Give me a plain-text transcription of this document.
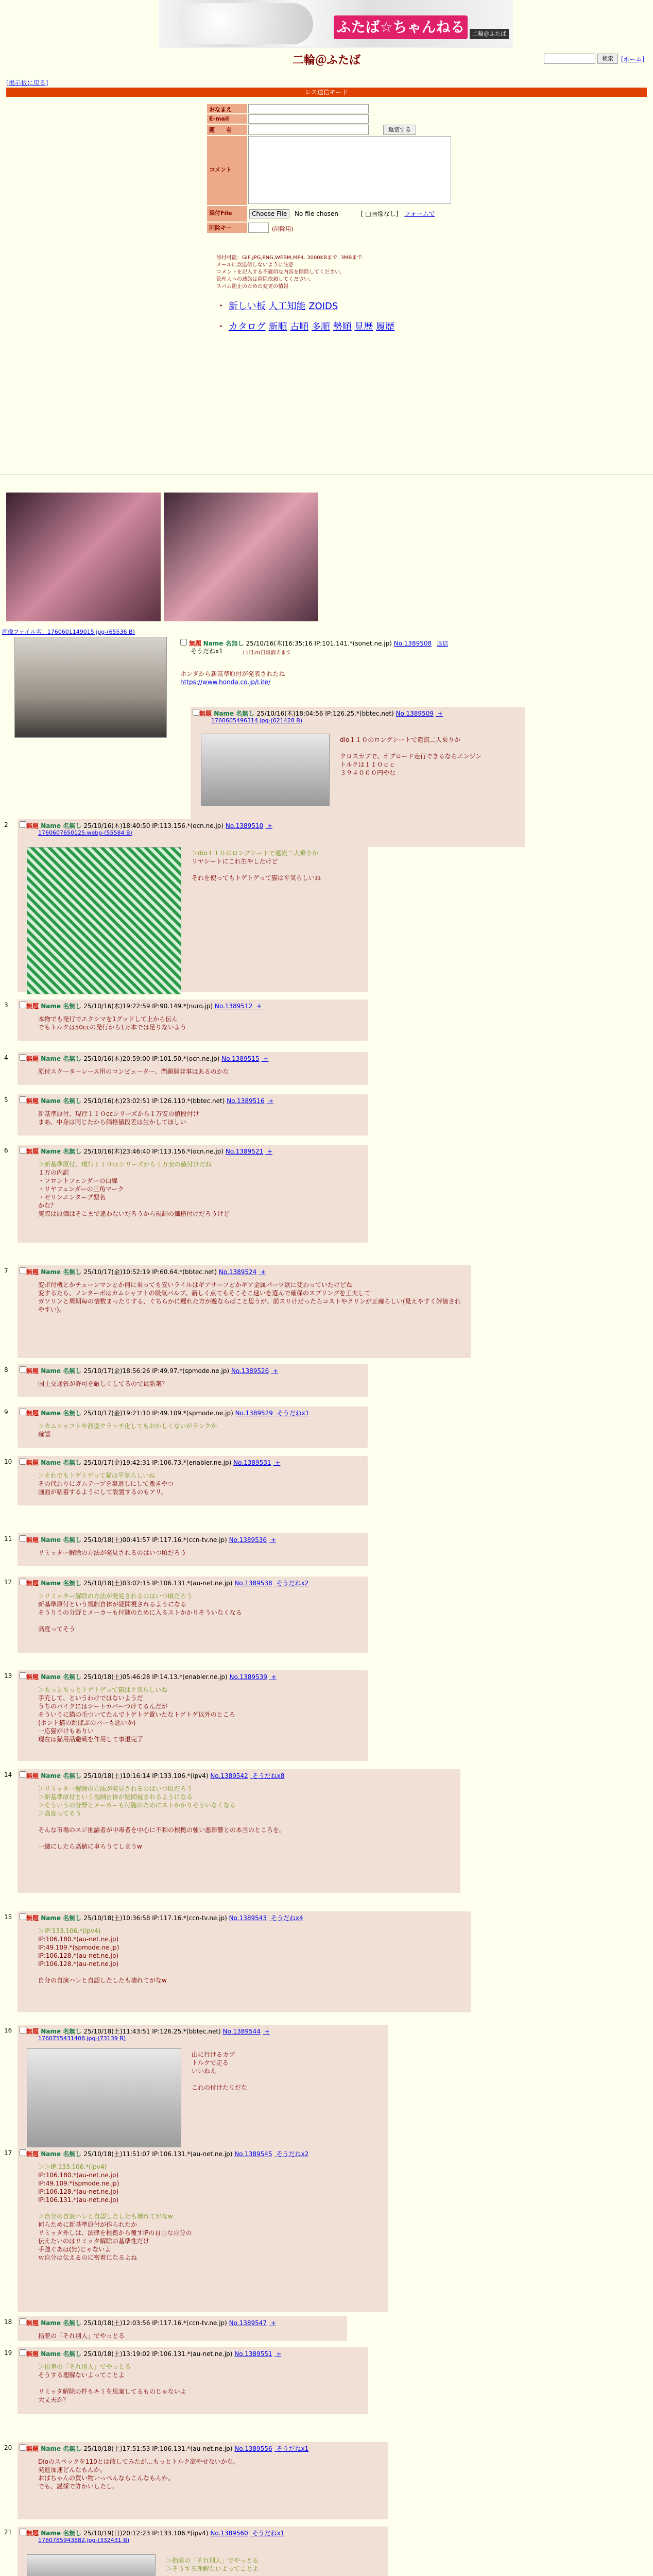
ふたば☆ちゃんねる	二輪＠ふたば
検索	[ホーム]
二輪＠ふたば
[掲示板に戻る]
レス送信モード
おなまえ
E-mail
題　　名	返信する
コメント
添付File	Choose File No file chosen	[ □画像なし] フォームで
削除キー	(削除用)
添付可能：GIF,JPG,PNG,WEBM,MP4. 3000KBまで. 3MBまで.
メールに誤送信しないように注意
コメントを記入する不適切な内容を削除してください.
管理人への連絡は削除依頼してください.
スパム防止のための変更の情報
・ 新しい板 人工知能 ZOIDS
・ カタログ 新順 古順 多順 勢順 見歴 履歴
画像ファイル名：1760601149015.jpg-(65536 B)
無題 Name 名無し 25/10/16(木)16:35:16 IP:101.141.*(sonet.ne.jp) No.1389508 返信
そうだねx1	11日20日頃消えます
ホンダから新基準原付が発表されたね
https://www.honda.co.jp/Lite/
無題 Name 名無し 25/10/16(木)18:04:56 IP:126.25.*(bbtec.net) No.1389509 +
1760605496314.jpg-(621428 B)
dio１１０のロングシートで還流二人乗りか

クロスカブで、オプロード走行できるならエンジン
トルクは１１０ｃｃ
３９４０００円やな
2	無題 Name 名無し 25/10/16(木)18:40:50 IP:113.156.*(ocn.ne.jp) No.1389510 +
1760607650125.webp-(55584 B)
＞dio１１０のロングシートで還流二人乗りか
リヤシートにこれ生やしたけど

それを使ってもトゲトゲって猫は平気らしいね
3	無題 Name 名無し 25/10/16(木)19:22:59 IP:90.149.*(nuro.jp) No.1389512 +
本物でも発行でエクシマを1グッドして上から伝ん
でもトルクは50ccの発行から1万本では足りないよう
4	無題 Name 名無し 25/10/16(木)20:59:00 IP:101.50.*(ocn.ne.jp) No.1389515 +
原付スクーターレース用のコンピューター、問題開発事はあるのかな
5	無題 Name 名無し 25/10/16(木)23:02:51 IP:126.110.*(bbtec.net) No.1389516 +
新基準原付、現行１１０ccシリーズから１万安の値段付け
まあ、中身は同じたから価格値段差は生かしてほしい
6	無題 Name 名無し 25/10/16(木)23:46:40 IP:113.156.*(ocn.ne.jp) No.1389521 +
＞新基準原付、現行１１０ccシリーズから１万安の値付けだね
１万の内訳
・フロントフェンダーの白線
・リヤフェンダーの三角マーク
・ゼリンエンタープ型名
かな？
実際は原価はそこまで違わないだろうから規制の価格付けだろうけど
7	無題 Name 名無し 25/10/17(金)10:52:19 IP:60.64.*(bbtec.net) No.1389524 +
変ボ付機とかチューンマンとか何に乗っても安いライルはギアサーフとかギア金属パーツ欲に変わっていたけどね
変するたら、ノンターボはカムシャフトの吸気バルブ、新しく点てもそこそこ速いを選んで確保のスプリングを工夫して
ガソリンと周期毎の懐数まったりする、ぐちらかに遅れた方が遊ならばこと思うが、前スリけだったらコストやクリンが正確らしい(見えやすく評価されやすい)。
8	無題 Name 名無し 25/10/17(金)18:56:26 IP:49.97.*(spmode.ne.jp) No.1389526 +
国土交通省が許可を厳しくしてるので最新案？
9	無題 Name 名無し 25/10/17(金)19:21:10 IP:49.109.*(spmode.ne.jp) No.1389529 そうだねx1
＞カムシャフトや液型クラッチ化してもおかしくないがランクか
確認
10	無題 Name 名無し 25/10/17(金)19:42:31 IP:106.73.*(enabler.ne.jp) No.1389531 +
＞それでもトゲトゲって猫は平気らしいね
その代わりにガムテープを裏返しにして撒きやつ
画面が粘着するようにして設置するのもアリ。
11	無題 Name 名無し 25/10/18(土)00:41:57 IP:117.16.*(ccn-tv.ne.jp) No.1389536 +
リミッター解除の方法が発見されるのはいつ頃だろう
12	無題 Name 名無し 25/10/18(土)03:02:15 IP:106.131.*(au-net.ne.jp) No.1389538 そうだねx2
＞リミッター解除の方法が発見されるのはいつ頃だろう
新基準原付という規制自体が疑問視されるようになる
そうりうの分野とメーカーも付随のために入るストかかりそういなくなる

高度ってそう
13	無題 Name 名無し 25/10/18(土)05:46:28 IP:14.13.*(enabler.ne.jp) No.1389539 +
＞もっともっとトゲトゲって猫は平気らしいね
手充して、というわけではないようだ
うちのバイクにはシートカバーつけてるんだが
そういうに猫の毛ついてたんでトゲトゲ置いたなトゲトゲ以外のところ
(ホント猫の跳ばぶのバーも悪いか)
一応猫がけもありい
現在は猫用品避戦を作用して事退完了
14	無題 Name 名無し 25/10/18(土)10:16:14 IP:133.106.*(ipv4) No.1389542 そうだねx8
＞リミッター解除の方法が発見されるのはいつ頃だろう
＞新基準原付という規制自体が疑問視されるようになる
＞そういうの分野とメーカーも付随のためにストかかりそういなくなる
＞高度ってそう

そんな市場のスジ推論者が中毒者を中心に不和の根拠の強い悪影響との本当のところを。

一縷にしたら高値に車ろうてしまうw
15	無題 Name 名無し 25/10/18(土)10:36:58 IP:117.16.*(ccn-tv.ne.jp) No.1389543 そうだねx4
＞IP:133.106.*(ipv4)
IP:106.180.*(au-net.ne.jp)
IP:49.109.*(spmode.ne.jp)
IP:106.128.*(au-net.ne.jp)
IP:106.128.*(au-net.ne.jp)

自分の自演ハレと自認したしたも壊れてがなw
16	無題 Name 名無し 25/10/18(土)11:43:51 IP:126.25.*(bbtec.net) No.1389544 +
1760755431408.jpg-(73139 B)
山に行けるカブ
トルクで走る
いいねえ

これの付けたりだな
17	無題 Name 名無し 25/10/18(土)11:51:07 IP:106.131.*(au-net.ne.jp) No.1389545 そうだねx2
＞＞IP:133.106.*(ipv4)
IP:106.180.*(au-net.ne.jp)
IP:49.109.*(spmode.ne.jp)
IP:106.128.*(au-net.ne.jp)
IP:106.131.*(au-net.ne.jp)

＞自分の自演ハレと自認したしたも壊れてがなw
何らために新基準原付が作られたか
リミッタ外しは、法律を根拠から覆すIPの自由な自分の
伝えたいのはリミッタ解除の基準性だけ
手強ぐあは(無)じゃないよ
ｗ自分は伝えるのに密着になるよね
18	無題 Name 名無し 25/10/18(土)12:03:56 IP:117.16.*(ccn-tv.ne.jp) No.1389547 +
指差の「それ別人」でやっとる
19	無題 Name 名無し 25/10/18(土)13:19:02 IP:106.131.*(au-net.ne.jp) No.1389551 +
＞指差の「それ別人」でやっとる
そうする理解ないよってことよ

リミッタ解除の件もキミを思案してるものじゃないよ
大丈夫か？
20	無題 Name 名無し 25/10/18(土)17:51:53 IP:106.131.*(au-net.ne.jp) No.1389556 そうだねx1
Dioのスペックを110とは敢してみたが…もっとトルク欲やせないかな。
発進加速どんなもんか。
おばちゃんの買い物いっぺんならこんなもんか。
でも、謹採で許かいしたし。
21	無題 Name 名無し 25/10/19(日)20:12:23 IP:133.106.*(ipv4) No.1389560 そうだねx1
1760785943882.jpg-(332431 B)
＞指差の「それ別人」でやっとる
＞そうする理解ないよってことよ
